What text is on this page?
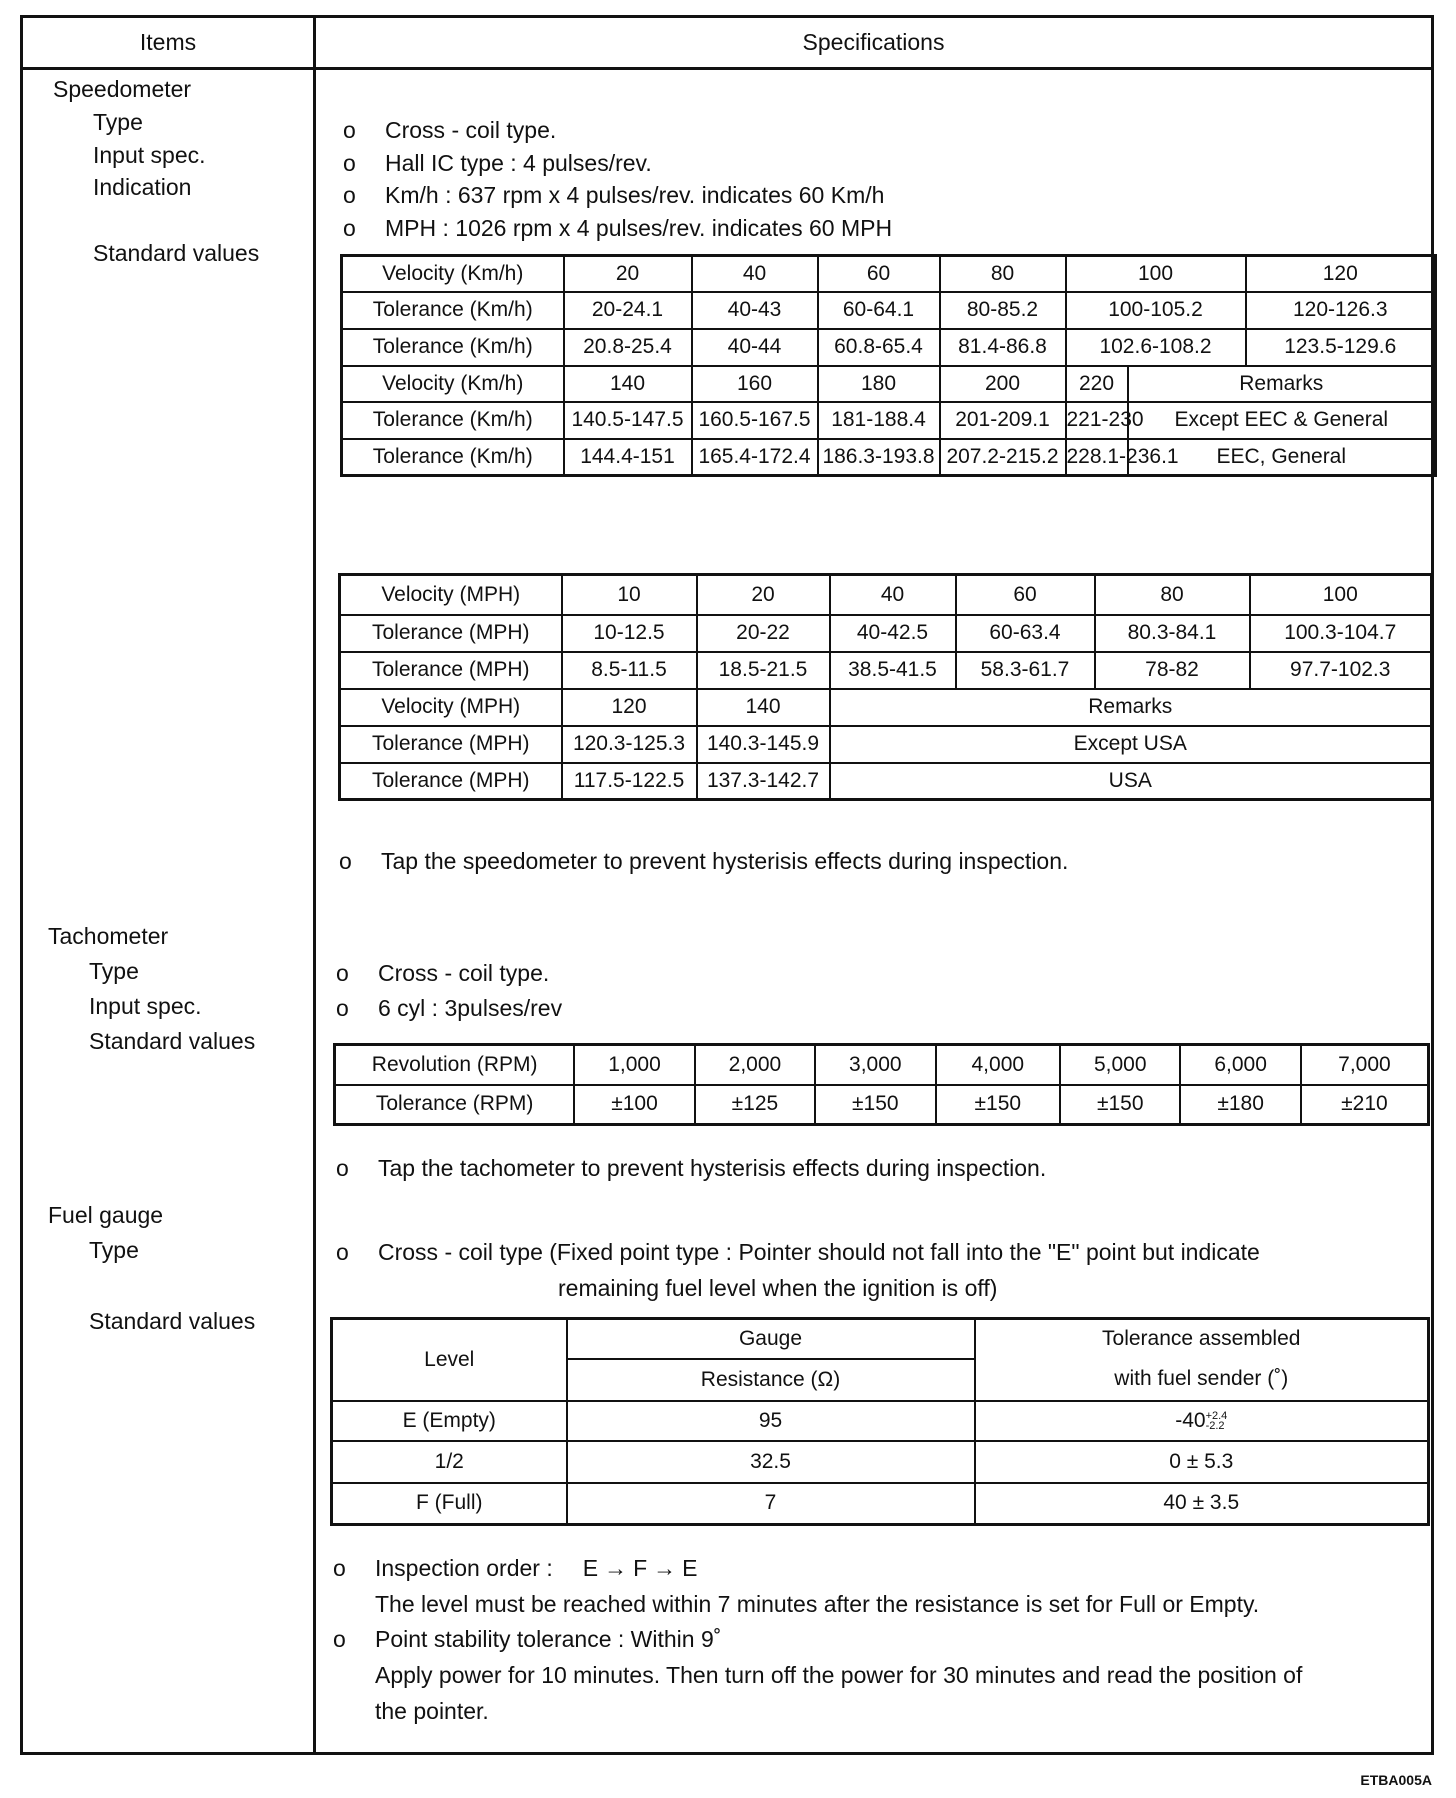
Items	Specifications
Speedometer
Type
Input spec.
Indication
Standard values
o Cross - coil type.
o Hall IC type : 4 pulses/rev.
o Km/h : 637 rpm x 4 pulses/rev. indicates 60 Km/h
o MPH : 1026 rpm x 4 pulses/rev. indicates 60 MPH
Velocity (Km/h)	20	40	60	80	100		120
Tolerance (Km/h)	20-24.1	40-43	60-64.1	80-85.2	100-105.2		120-126.3
Tolerance (Km/h)	20.8-25.4	40-44	60.8-65.4	81.4-86.8	102.6-108.2		123.5-129.6
Velocity (Km/h)	140	160	180	200	220	Remarks	
Tolerance (Km/h)	140.5-147.5	160.5-167.5	181-188.4	201-209.1	221-230	Except EEC & General	
Tolerance (Km/h)	144.4-151	165.4-172.4	186.3-193.8	207.2-215.2	228.1-236.1	EEC, General	
Velocity (MPH)	10	20	40	60	80	100
Tolerance (MPH)	10-12.5	20-22	40-42.5	60-63.4	80.3-84.1	100.3-104.7
Tolerance (MPH)	8.5-11.5	18.5-21.5	38.5-41.5	58.3-61.7	78-82	97.7-102.3
Velocity (MPH)	120	140	Remarks			
Tolerance (MPH)	120.3-125.3	140.3-145.9	Except USA			
Tolerance (MPH)	117.5-122.5	137.3-142.7	USA			
o Tap the speedometer to prevent hysterisis effects during inspection.
Tachometer
Type
Input spec.
Standard values
o Cross - coil type.
o 6 cyl : 3pulses/rev
Revolution (RPM)	1,000	2,000	3,000	4,000	5,000	6,000	7,000
Tolerance (RPM)	±100	±125	±150	±150	±150	±180	±210
o Tap the tachometer to prevent hysterisis effects during inspection.
Fuel gauge
Type
Standard values
o Cross - coil type (Fixed point type : Pointer should not fall into the "E" point but indicate
remaining fuel level when the ignition is off)
Level	Gauge	Tolerance assembled
	Resistance (Ω)	with fuel sender (˚)
E (Empty)	95	-40+2.4
-2.2
1/2	32.5	0 ± 5.3
F (Full)	7	40 ± 3.5
o Inspection order : E → F → E
The level must be reached within 7 minutes after the resistance is set for Full or Empty.
o Point stability tolerance : Within 9˚
Apply power for 10 minutes. Then turn off the power for 30 minutes and read the position of
the pointer.
ETBA005A
